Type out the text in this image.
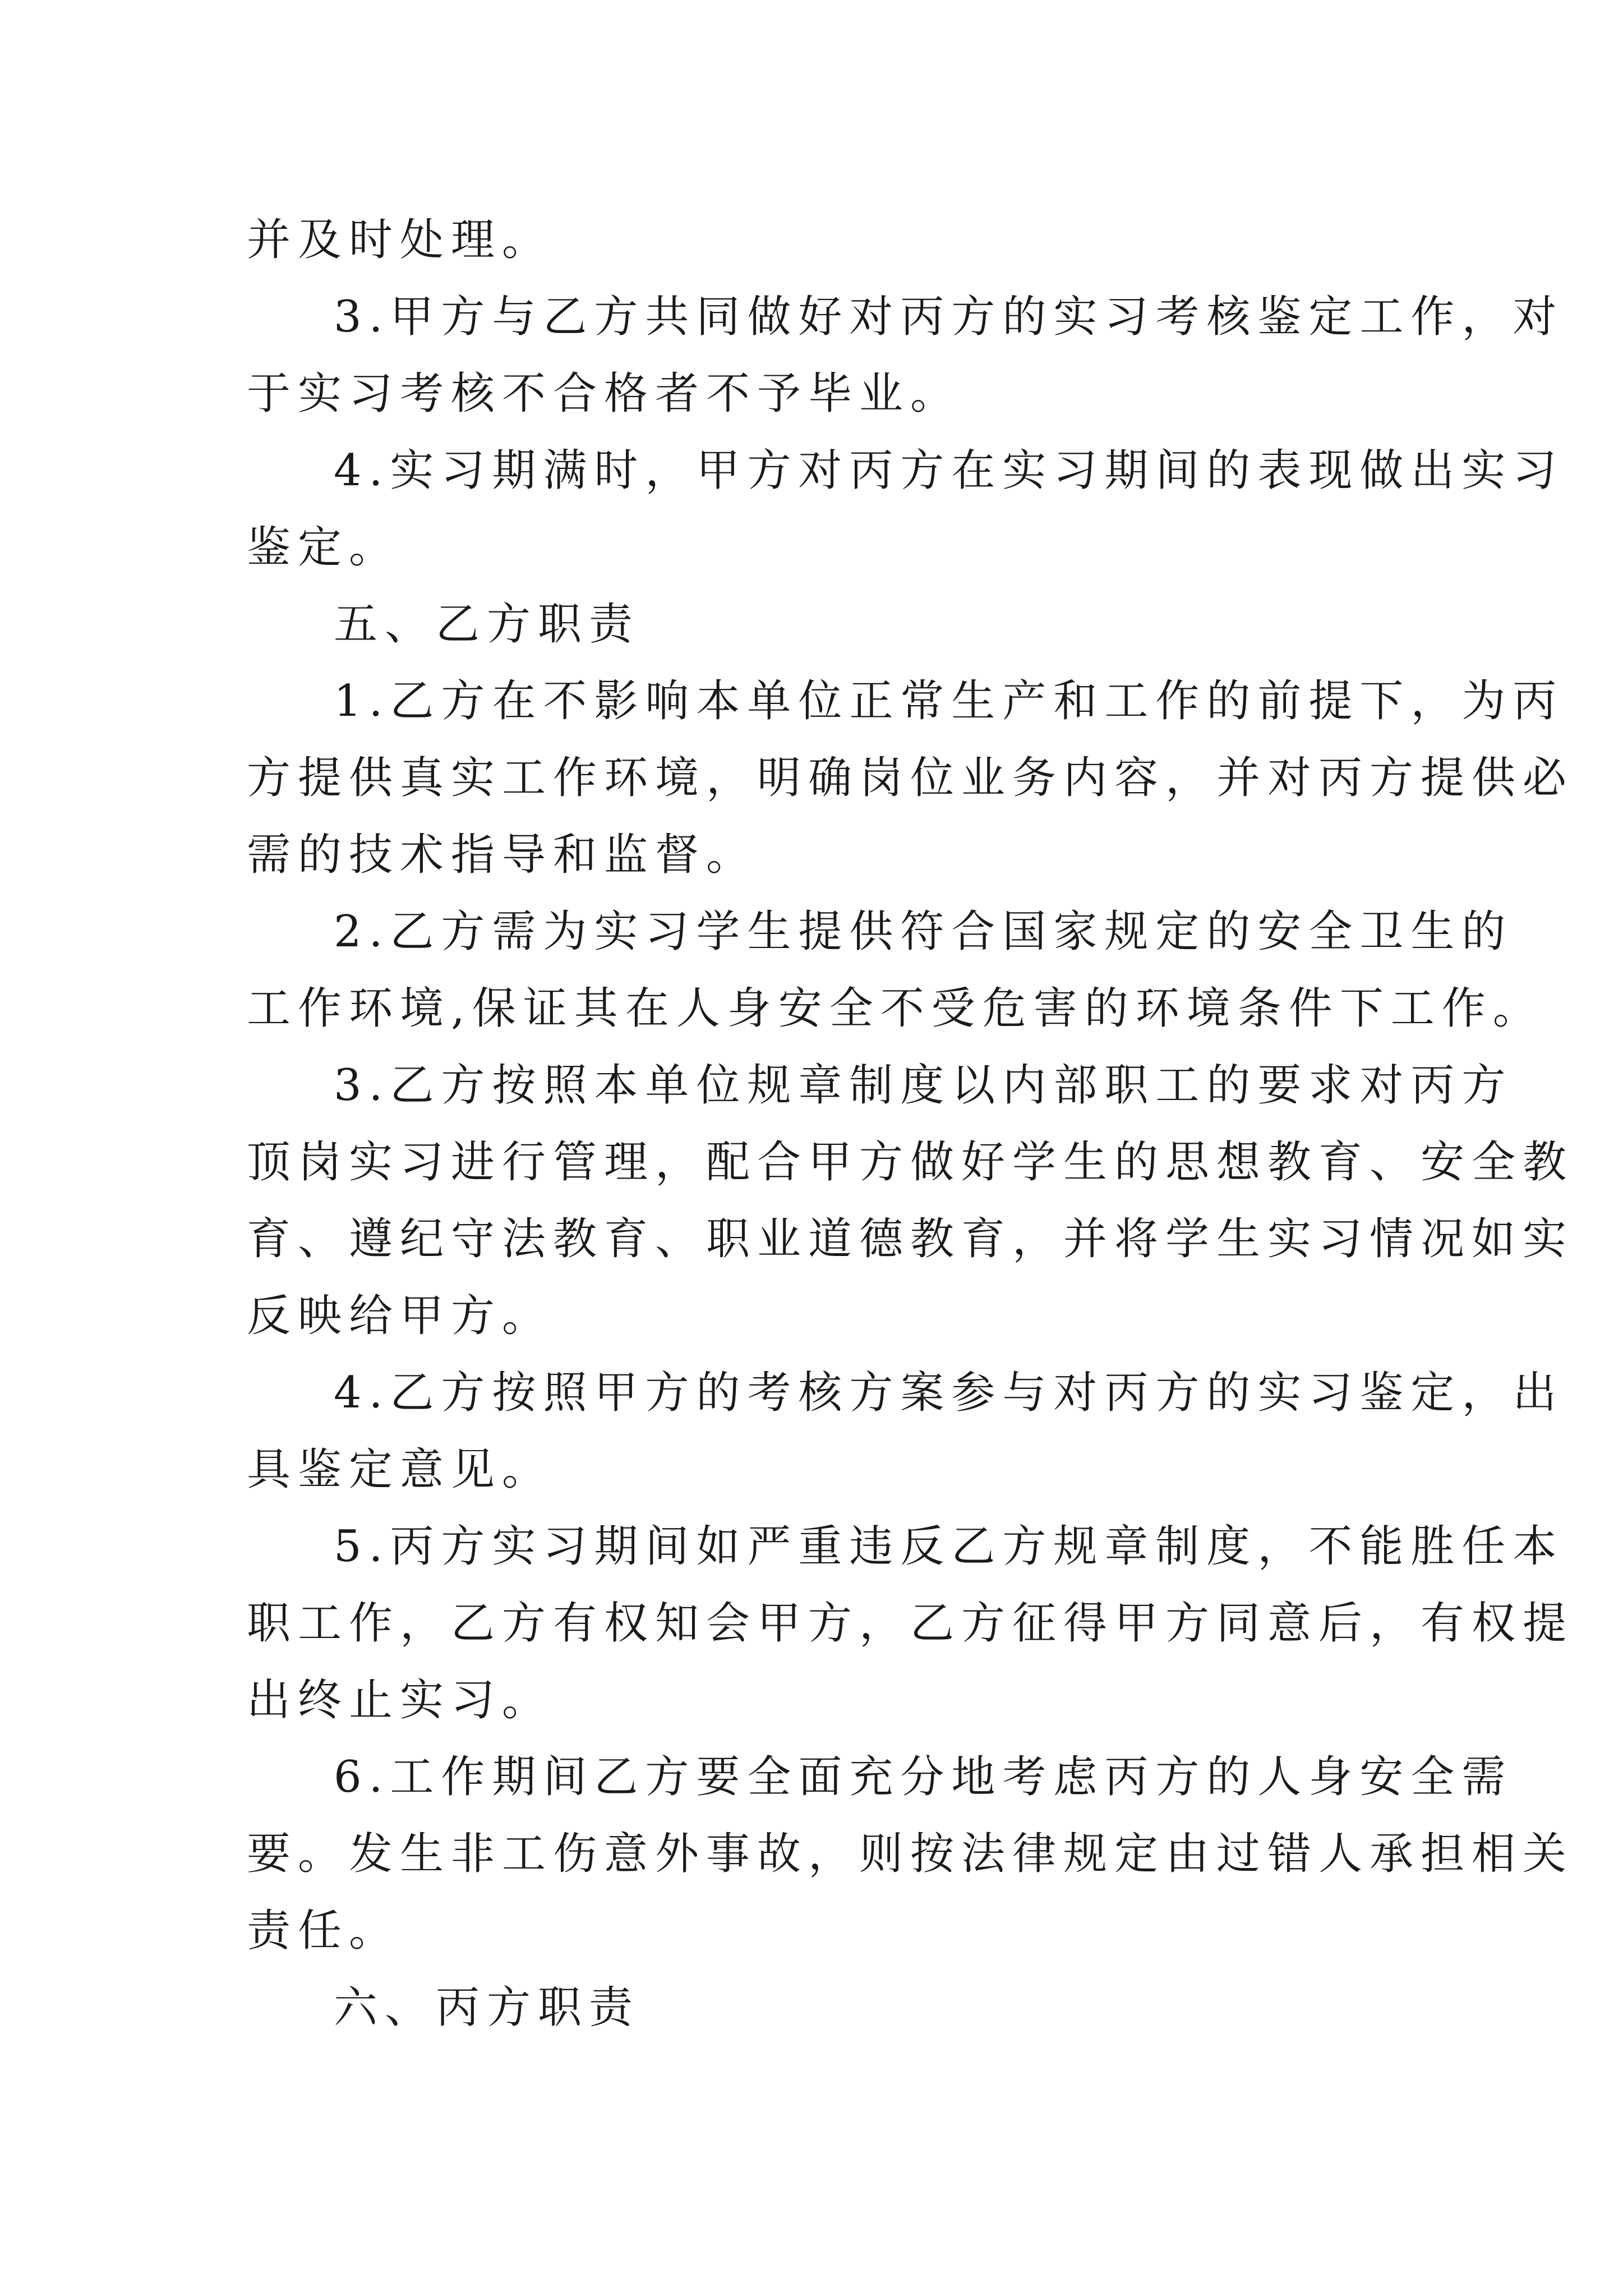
并及时处理。
3.甲方与乙方共同做好对丙方的实习考核鉴定工作，对
于实习考核不合格者不予毕业。
4.实习期满时，甲方对丙方在实习期间的表现做出实习
鉴定。
五、乙方职责
1.乙方在不影响本单位正常生产和工作的前提下，为丙
方提供真实工作环境，明确岗位业务内容，并对丙方提供必
需的技术指导和监督。
2.乙方需为实习学生提供符合国家规定的安全卫生的
工作环境,保证其在人身安全不受危害的环境条件下工作。
3.乙方按照本单位规章制度以内部职工的要求对丙方
顶岗实习进行管理，配合甲方做好学生的思想教育、安全教
育、遵纪守法教育、职业道德教育，并将学生实习情况如实
反映给甲方。
4.乙方按照甲方的考核方案参与对丙方的实习鉴定，出
具鉴定意见。
5.丙方实习期间如严重违反乙方规章制度，不能胜任本
职工作，乙方有权知会甲方，乙方征得甲方同意后，有权提
出终止实习。
6.工作期间乙方要全面充分地考虑丙方的人身安全需
要。发生非工伤意外事故，则按法律规定由过错人承担相关
责任。
六、丙方职责
